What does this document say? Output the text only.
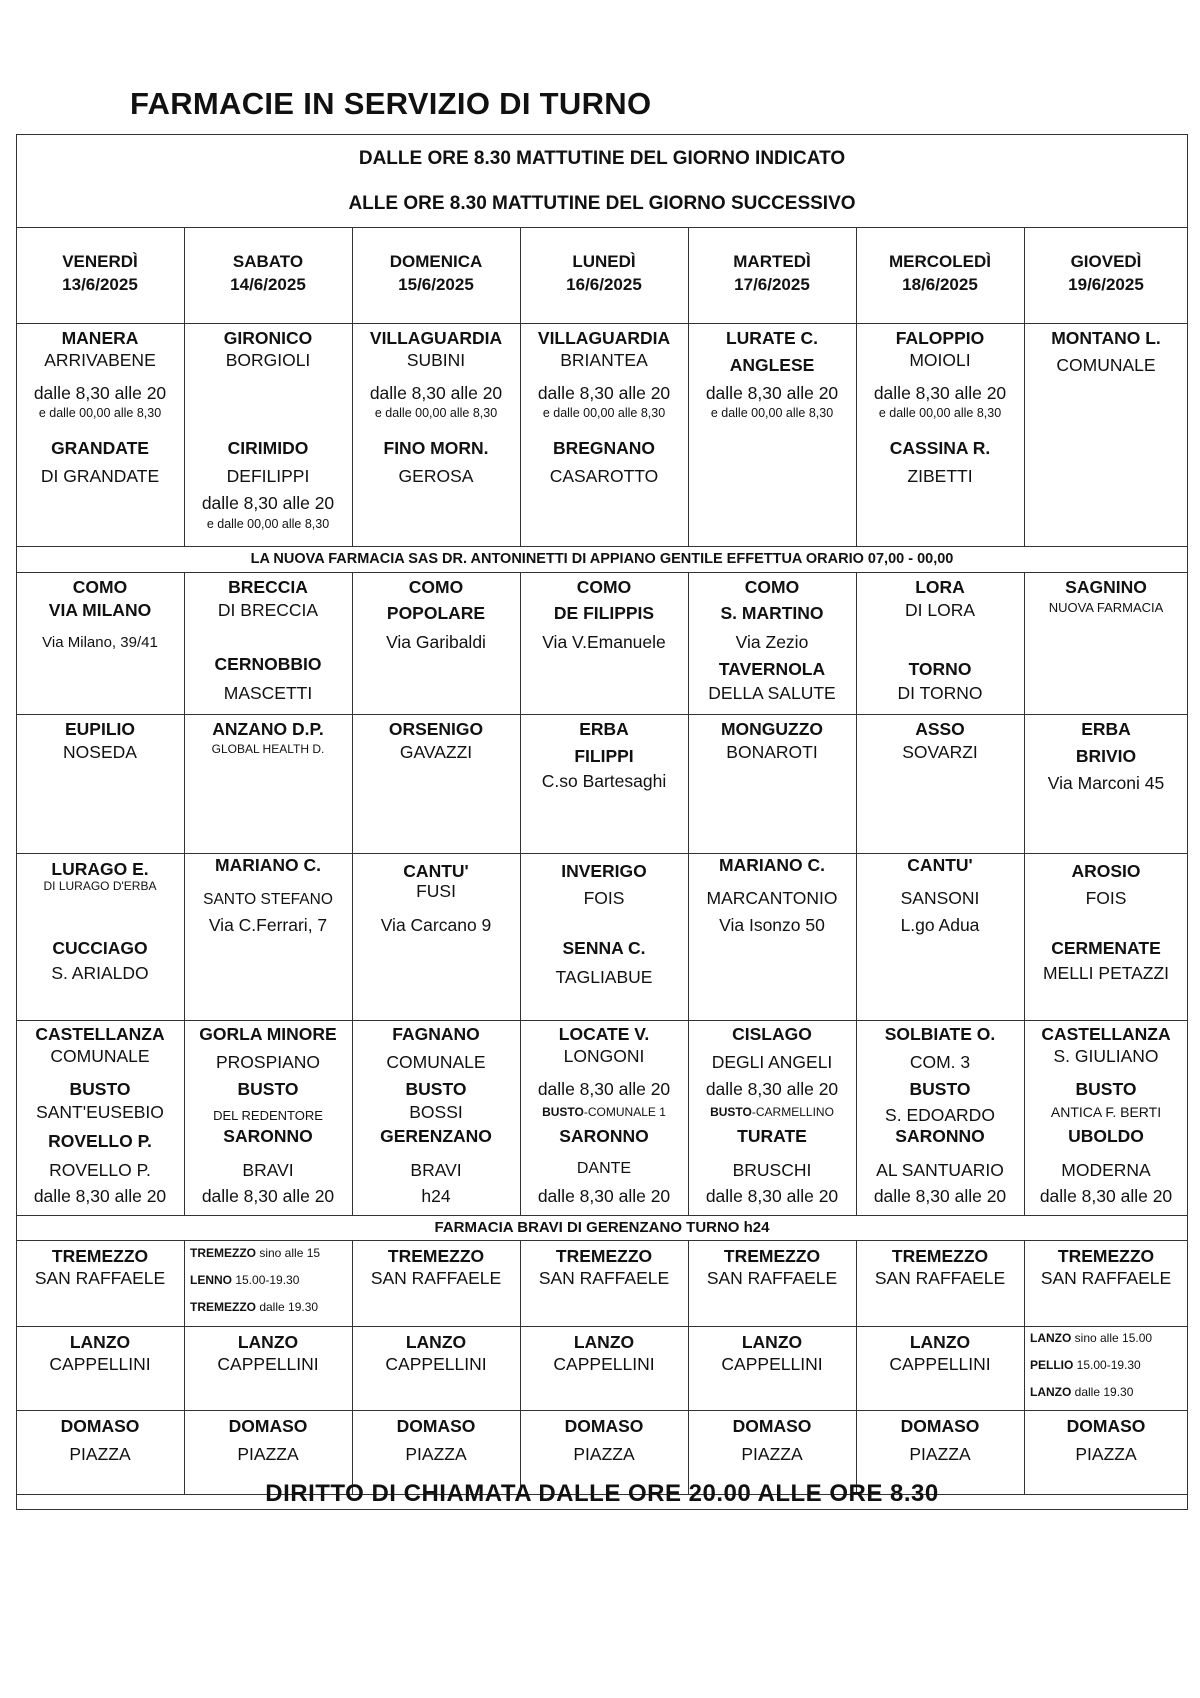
FARMACIE IN SERVIZIO DI TURNO
DALLE ORE 8.30 MATTUTINE DEL GIORNO INDICATO
ALLE ORE 8.30 MATTUTINE DEL GIORNO SUCCESSIVO
VENERDÌ
13/6/2025
SABATO
14/6/2025
DOMENICA
15/6/2025
LUNEDÌ
16/6/2025
MARTEDÌ
17/6/2025
MERCOLEDÌ
18/6/2025
GIOVEDÌ
19/6/2025
MANERA
ARRIVABENE
dalle 8,30 alle 20
e dalle 00,00 alle 8,30
GRANDATE
DI GRANDATE
GIRONICO
BORGIOLI
CIRIMIDO
DEFILIPPI
dalle 8,30 alle 20
e dalle 00,00 alle 8,30
VILLAGUARDIA
SUBINI
dalle 8,30 alle 20
e dalle 00,00 alle 8,30
FINO MORN.
GEROSA
VILLAGUARDIA
BRIANTEA
dalle 8,30 alle 20
e dalle 00,00 alle 8,30
BREGNANO
CASAROTTO
LURATE C.
ANGLESE
dalle 8,30 alle 20
e dalle 00,00 alle 8,30
FALOPPIO
MOIOLI
dalle 8,30 alle 20
e dalle 00,00 alle 8,30
CASSINA R.
ZIBETTI
MONTANO L.
COMUNALE
LA NUOVA FARMACIA SAS DR. ANTONINETTI DI APPIANO GENTILE EFFETTUA ORARIO 07,00 - 00,00
COMO
VIA MILANO
Via Milano, 39/41
BRECCIA
DI BRECCIA
CERNOBBIO
MASCETTI
COMO
POPOLARE
Via Garibaldi
COMO
DE FILIPPIS
Via V.Emanuele
COMO
S. MARTINO
Via Zezio
TAVERNOLA
DELLA SALUTE
LORA
DI LORA
TORNO
DI TORNO
SAGNINO
NUOVA FARMACIA
EUPILIO
NOSEDA
ANZANO D.P.
GLOBAL HEALTH D.
ORSENIGO
GAVAZZI
ERBA
FILIPPI
C.so Bartesaghi
MONGUZZO
BONAROTI
ASSO
SOVARZI
ERBA
BRIVIO
Via Marconi 45
LURAGO E.
DI LURAGO D'ERBA
CUCCIAGO
S. ARIALDO
MARIANO C.
SANTO STEFANO
Via C.Ferrari, 7
CANTU'
FUSI
Via Carcano 9
INVERIGO
FOIS
SENNA C.
TAGLIABUE
MARIANO C.
MARCANTONIO
Via Isonzo 50
CANTU'
SANSONI
L.go Adua
AROSIO
FOIS
CERMENATE
MELLI PETAZZI
CASTELLANZA
COMUNALE
BUSTO
SANT'EUSEBIO
ROVELLO P.
ROVELLO P.
dalle 8,30 alle 20
GORLA MINORE
PROSPIANO
BUSTO
DEL REDENTORE
SARONNO
BRAVI
dalle 8,30 alle 20
FAGNANO
COMUNALE
BUSTO
BOSSI
GERENZANO
BRAVI
h24
LOCATE V.
LONGONI
dalle 8,30 alle 20
BUSTO-COMUNALE 1
SARONNO
DANTE
dalle 8,30 alle 20
CISLAGO
DEGLI ANGELI
dalle 8,30 alle 20
BUSTO-CARMELLINO
TURATE
BRUSCHI
dalle 8,30 alle 20
SOLBIATE O.
COM. 3
BUSTO
S. EDOARDO
SARONNO
AL SANTUARIO
dalle 8,30 alle 20
CASTELLANZA
S. GIULIANO
BUSTO
ANTICA F. BERTI
UBOLDO
MODERNA
dalle 8,30 alle 20
FARMACIA BRAVI DI GERENZANO TURNO h24
TREMEZZO
SAN RAFFAELE
TREMEZZO sino alle 15
LENNO 15.00-19.30
TREMEZZO dalle 19.30
TREMEZZO
SAN RAFFAELE
TREMEZZO
SAN RAFFAELE
TREMEZZO
SAN RAFFAELE
TREMEZZO
SAN RAFFAELE
TREMEZZO
SAN RAFFAELE
LANZO
CAPPELLINI
LANZO
CAPPELLINI
LANZO
CAPPELLINI
LANZO
CAPPELLINI
LANZO
CAPPELLINI
LANZO
CAPPELLINI
LANZO sino alle 15.00
PELLIO 15.00-19.30
LANZO dalle 19.30
DOMASO
PIAZZA
DOMASO
PIAZZA
DOMASO
PIAZZA
DOMASO
PIAZZA
DOMASO
PIAZZA
DOMASO
PIAZZA
DOMASO
PIAZZA
DIRITTO DI CHIAMATA DALLE ORE 20.00 ALLE ORE 8.30
